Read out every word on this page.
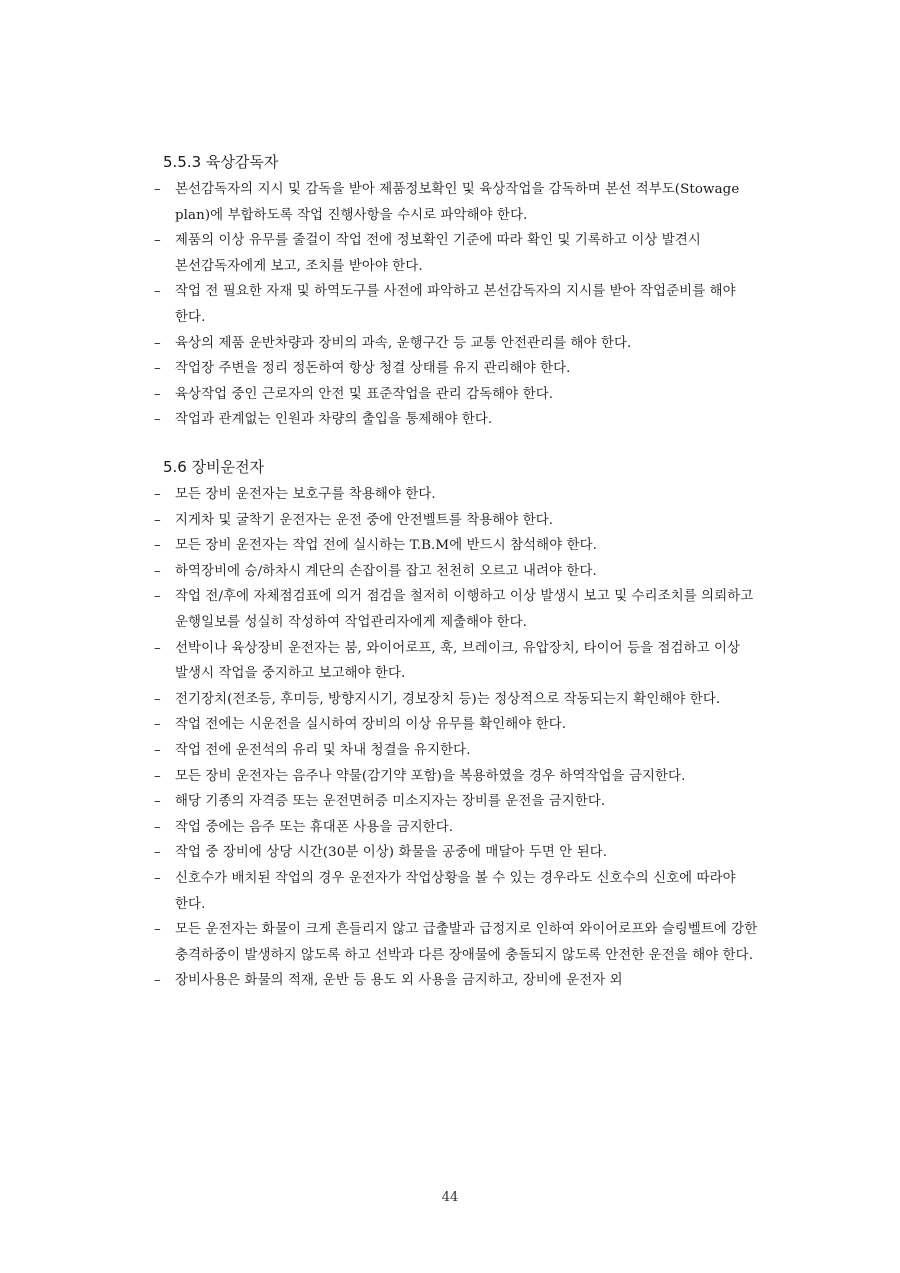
5.5.3 육상감독자
– 본선감독자의 지시 및 감독을 받아 제품정보확인 및 육상작업을 감독하며 본선 적부도(Stowage plan)에 부합하도록 작업 진행사항을 수시로 파악해야 한다.
– 제품의 이상 유무를 줄걸이 작업 전에 정보확인 기준에 따라 확인 및 기록하고 이상 발견시 본선감독자에게 보고, 조치를 받아야 한다.
– 작업 전 필요한 자재 및 하역도구를 사전에 파악하고 본선감독자의 지시를 받아 작업준비를 해야 한다.
– 육상의 제품 운반차량과 장비의 과속, 운행구간 등 교통 안전관리를 해야 한다.
– 작업장 주변을 정리 정돈하여 항상 청결 상태를 유지 관리해야 한다.
– 육상작업 중인 근로자의 안전 및 표준작업을 관리 감독해야 한다.
– 작업과 관계없는 인원과 차량의 출입을 통제해야 한다.
5.6 장비운전자
– 모든 장비 운전자는 보호구를 착용해야 한다.
– 지게차 및 굴착기 운전자는 운전 중에 안전벨트를 착용해야 한다.
– 모든 장비 운전자는 작업 전에 실시하는 T.B.M에 반드시 참석해야 한다.
– 하역장비에 승/하차시 계단의 손잡이를 잡고 천천히 오르고 내려야 한다.
– 작업 전/후에 자체점검표에 의거 점검을 철저히 이행하고 이상 발생시 보고 및 수리조치를 의뢰하고 운행일보를 성실히 작성하여 작업관리자에게 제출해야 한다.
– 선박이나 육상장비 운전자는 붐, 와이어로프, 훅, 브레이크, 유압장치, 타이어 등을 점검하고 이상 발생시 작업을 중지하고 보고해야 한다.
– 전기장치(전조등, 후미등, 방향지시기, 경보장치 등)는 정상적으로 작동되는지 확인해야 한다.
– 작업 전에는 시운전을 실시하여 장비의 이상 유무를 확인해야 한다.
– 작업 전에 운전석의 유리 및 차내 청결을 유지한다.
– 모든 장비 운전자는 음주나 약물(감기약 포함)을 복용하였을 경우 하역작업을 금지한다.
– 해당 기종의 자격증 또는 운전면허증 미소지자는 장비를 운전을 금지한다.
– 작업 중에는 음주 또는 휴대폰 사용을 금지한다.
– 작업 중 장비에 상당 시간(30분 이상) 화물을 공중에 매달아 두면 안 된다.
– 신호수가 배치된 작업의 경우 운전자가 작업상황을 볼 수 있는 경우라도 신호수의 신호에 따라야 한다.
– 모든 운전자는 화물이 크게 흔들리지 않고 급출발과 급정지로 인하여 와이어로프와 슬링벨트에 강한 충격하중이 발생하지 않도록 하고 선박과 다른 장애물에 충돌되지 않도록 안전한 운전을 해야 한다.
– 장비사용은 화물의 적재, 운반 등 용도 외 사용을 금지하고, 장비에 운전자 외
44
